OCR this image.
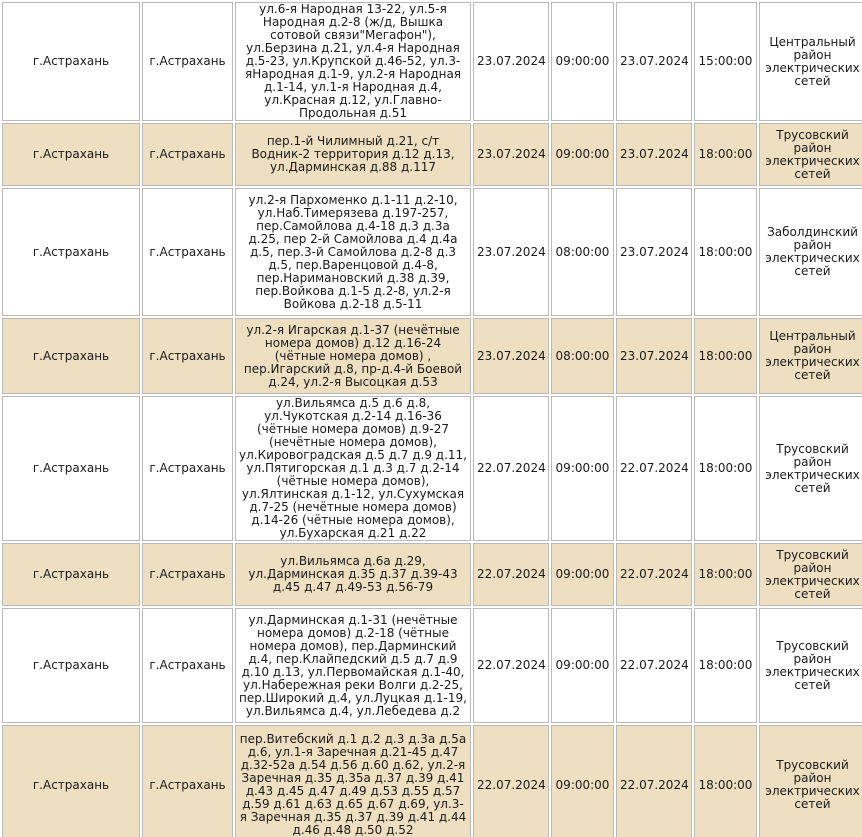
г.Астрахань	г.Астрахань	ул.6-я Народная 13-22, ул.5-я Народная д.2-8 (ж/д, Вышка сотовой связи"Мегафон"), ул.Берзина д.21, ул.4-я Народная д.5-23, ул.Крупской д.46-52, ул.3-яНародная д.1-9, ул.2-я Народная д.1-14, ул.1-я Народная д.4, ул.Красная д.12, ул.Главно-Продольная д.51	23.07.2024	09:00:00	23.07.2024	15:00:00	Центральный район электрических сетей
г.Астрахань	г.Астрахань	пер.1-й Чилимный д.21, с/т Водник-2 территория д.12 д.13, ул.Дарминская д.88 д.117	23.07.2024	09:00:00	23.07.2024	18:00:00	Трусовский район электрических сетей
г.Астрахань	г.Астрахань	ул.2-я Пархоменко д.1-11 д.2-10, ул.Наб.Тимерязева д.197-257, пер.Самойлова д.4-18 д.3 д.3а д.25, пер 2-й Самойлова д.4 д.4а д.5, пер.3-й Самойлова д.2-8 д.3 д.5, пер.Варенцовой д.4-8, пер.Наримановский д.38 д.39, пер.Войкова д.1-5 д.2-8, ул.2-я Войкова д.2-18 д.5-11	23.07.2024	08:00:00	23.07.2024	18:00:00	Заболдинский район электрических сетей
г.Астрахань	г.Астрахань	ул.2-я Игарская д.1-37 (нечётные номера домов) д.12 д.16-24 (чётные номера домов) , пер.Игарский д.8, пр-д.4-й Боевой д.24, ул.2-я Высоцкая д.53	23.07.2024	08:00:00	23.07.2024	18:00:00	Центральный район электрических сетей
г.Астрахань	г.Астрахань	ул.Вильямса д.5 д.6 д.8, ул.Чукотская д.2-14 д.16-36 (чётные номера домов) д.9-27 (нечётные номера домов), ул.Кировоградская д.5 д.7 д.9 д.11, ул.Пятигорская д.1 д.3 д.7 д.2-14 (чётные номера домов), ул.Ялтинская д.1-12, ул.Сухумская д.7-25 (нечётные номера домов) д.14-26 (чётные номера домов), ул.Бухарская д.21 д.22	22.07.2024	09:00:00	22.07.2024	18:00:00	Трусовский район электрических сетей
г.Астрахань	г.Астрахань	ул.Вильямса д.6а д.29, ул.Дарминская д.35 д.37 д.39-43 д.45 д.47 д.49-53 д.56-79	22.07.2024	09:00:00	22.07.2024	18:00:00	Трусовский район электрических сетей
г.Астрахань	г.Астрахань	ул.Дарминская д.1-31 (нечётные номера домов) д.2-18 (чётные номера домов), пер.Дарминский д.4, пер.Клайпедский д.5 д.7 д.9 д.10 д.13, ул.Первомайская д.1-40, ул.Набережная реки Волги д.2-25, пер.Широкий д.4, ул.Луцкая д.1-19, ул.Вильямса д.4, ул.Лебедева д.2	22.07.2024	09:00:00	22.07.2024	18:00:00	Трусовский район электрических сетей
г.Астрахань	г.Астрахань	пер.Витебский д.1 д.2 д.3 д.3а д.5а д.6, ул.1-я Заречная д.21-45 д.47 д.32-52а д.54 д.56 д.60 д.62, ул.2-я Заречная д.35 д.35а д.37 д.39 д.41 д.43 д.45 д.47 д.49 д.53 д.55 д.57 д.59 д.61 д.63 д.65 д.67 д.69, ул.3-я Заречная д.35 д.37 д.39 д.41 д.44 д.46 д.48 д.50 д.52	22.07.2024	09:00:00	22.07.2024	18:00:00	Трусовский район электрических сетей
